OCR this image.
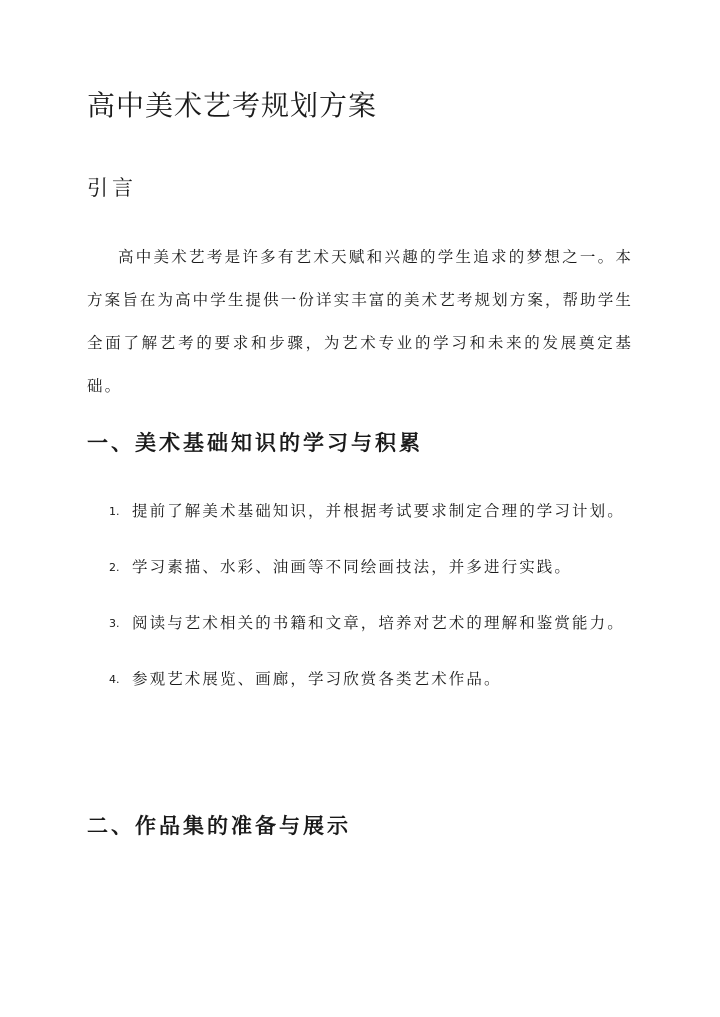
高中美术艺考规划方案
引言

高中美术艺考是许多有艺术天赋和兴趣的学生追求的梦想之一。本方案旨在为高中学生提供一份详实丰富的美术艺考规划方案，帮助学生全面了解艺考的要求和步骤，为艺术专业的学习和未来的发展奠定基础。

一、美术基础知识的学习与积累
1. 提前了解美术基础知识，并根据考试要求制定合理的学习计划。
2. 学习素描、水彩、油画等不同绘画技法，并多进行实践。
3. 阅读与艺术相关的书籍和文章，培养对艺术的理解和鉴赏能力。
4. 参观艺术展览、画廊，学习欣赏各类艺术作品。
二、作品集的准备与展示
